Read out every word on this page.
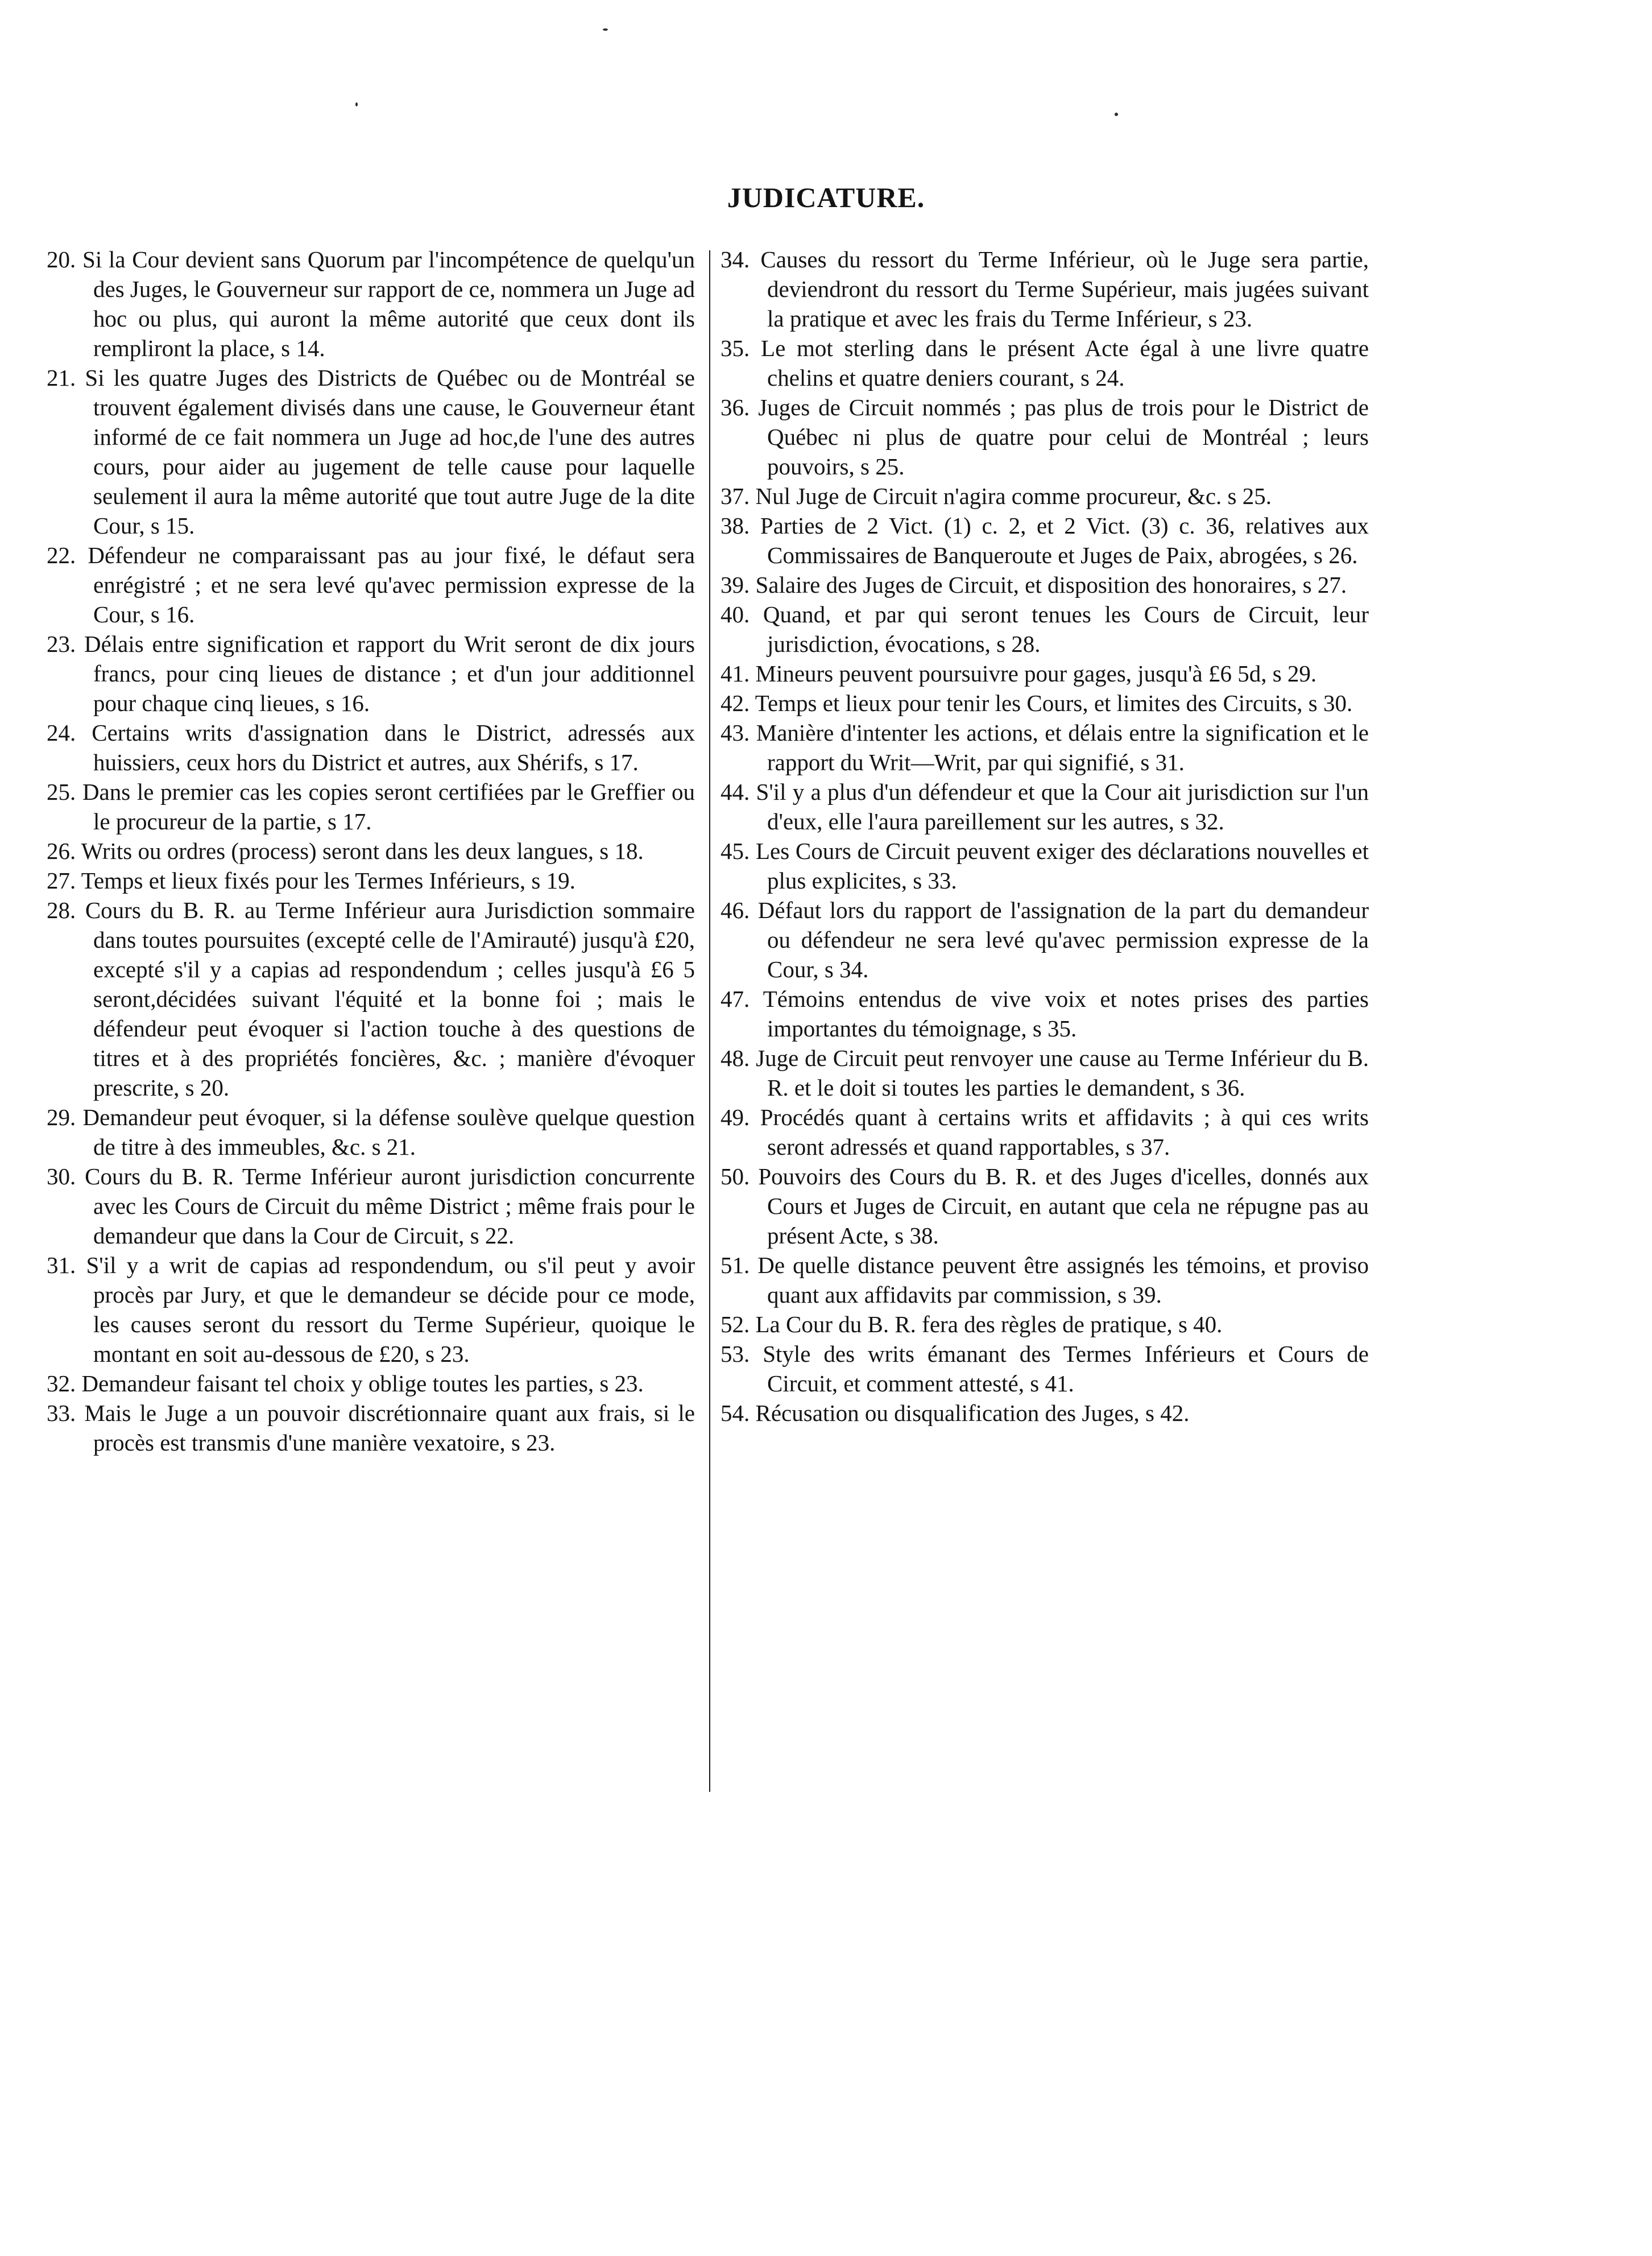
JUDICATURE.

20. Si la Cour devient sans Quorum par l'incompétence de quelqu'un des Juges, le Gouverneur sur rapport de ce, nommera un Juge ad hoc ou plus, qui auront la même autorité que ceux dont ils rempliront la place, s 14.

21. Si les quatre Juges des Districts de Québec ou de Montréal se trouvent également divisés dans une cause, le Gouverneur étant informé de ce fait nommera un Juge ad hoc,de l'une des autres cours, pour aider au jugement de telle cause pour laquelle seulement il aura la même autorité que tout autre Juge de la dite Cour, s 15.

22. Défendeur ne comparaissant pas au jour fixé, le défaut sera enrégistré ; et ne sera levé qu'avec permission expresse de la Cour, s 16.

23. Délais entre signification et rapport du Writ seront de dix jours francs, pour cinq lieues de distance ; et d'un jour additionnel pour chaque cinq lieues, s 16.

24. Certains writs d'assignation dans le District, adressés aux huissiers, ceux hors du District et autres, aux Shérifs, s 17.

25. Dans le premier cas les copies seront certifiées par le Greffier ou le procureur de la partie, s 17.

26. Writs ou ordres (process) seront dans les deux langues, s 18.

27. Temps et lieux fixés pour les Termes Inférieurs, s 19.

28. Cours du B. R. au Terme Inférieur aura Jurisdiction sommaire dans toutes poursuites (excepté celle de l'Amirauté) jusqu'à £20, excepté s'il y a capias ad respondendum ; celles jusqu'à £6 5 seront,décidées suivant l'équité et la bonne foi ; mais le défendeur peut évoquer si l'action touche à des questions de titres et à des propriétés foncières, &c. ; manière d'évoquer prescrite, s 20.

29. Demandeur peut évoquer, si la défense soulève quelque question de titre à des immeubles, &c. s 21.

30. Cours du B. R. Terme Inférieur auront jurisdiction concurrente avec les Cours de Circuit du même District ; même frais pour le demandeur que dans la Cour de Circuit, s 22.

31. S'il y a writ de capias ad respondendum, ou s'il peut y avoir procès par Jury, et que le demandeur se décide pour ce mode, les causes seront du ressort du Terme Supérieur, quoique le montant en soit au-dessous de £20, s 23.

32. Demandeur faisant tel choix y oblige toutes les parties, s 23.

33. Mais le Juge a un pouvoir discrétionnaire quant aux frais, si le procès est transmis d'une manière vexatoire, s 23.

34. Causes du ressort du Terme Inférieur, où le Juge sera partie, deviendront du ressort du Terme Supérieur, mais jugées suivant la pratique et avec les frais du Terme Inférieur, s 23.

35. Le mot sterling dans le présent Acte égal à une livre quatre chelins et quatre deniers courant, s 24.

36. Juges de Circuit nommés ; pas plus de trois pour le District de Québec ni plus de quatre pour celui de Montréal ; leurs pouvoirs, s 25.

37. Nul Juge de Circuit n'agira comme procureur, &c. s 25.

38. Parties de 2 Vict. (1) c. 2, et 2 Vict. (3) c. 36, relatives aux Commissaires de Banqueroute et Juges de Paix, abrogées, s 26.

39. Salaire des Juges de Circuit, et disposition des honoraires, s 27.

40. Quand, et par qui seront tenues les Cours de Circuit, leur jurisdiction, évocations, s 28.

41. Mineurs peuvent poursuivre pour gages, jusqu'à £6 5d, s 29.

42. Temps et lieux pour tenir les Cours, et limites des Circuits, s 30.

43. Manière d'intenter les actions, et délais entre la signification et le rapport du Writ—Writ, par qui signifié, s 31.

44. S'il y a plus d'un défendeur et que la Cour ait jurisdiction sur l'un d'eux, elle l'aura pareillement sur les autres, s 32.

45. Les Cours de Circuit peuvent exiger des déclarations nouvelles et plus explicites, s 33.

46. Défaut lors du rapport de l'assignation de la part du demandeur ou défendeur ne sera levé qu'avec permission expresse de la Cour, s 34.

47. Témoins entendus de vive voix et notes prises des parties importantes du témoignage, s 35.

48. Juge de Circuit peut renvoyer une cause au Terme Inférieur du B. R. et le doit si toutes les parties le demandent, s 36.

49. Procédés quant à certains writs et affidavits ; à qui ces writs seront adressés et quand rapportables, s 37.

50. Pouvoirs des Cours du B. R. et des Juges d'icelles, donnés aux Cours et Juges de Circuit, en autant que cela ne répugne pas au présent Acte, s 38.

51. De quelle distance peuvent être assignés les témoins, et proviso quant aux affidavits par commission, s 39.

52. La Cour du B. R. fera des règles de pratique, s 40.

53. Style des writs émanant des Termes Inférieurs et Cours de Circuit, et comment attesté, s 41.

54. Récusation ou disqualification des Juges, s 42.
